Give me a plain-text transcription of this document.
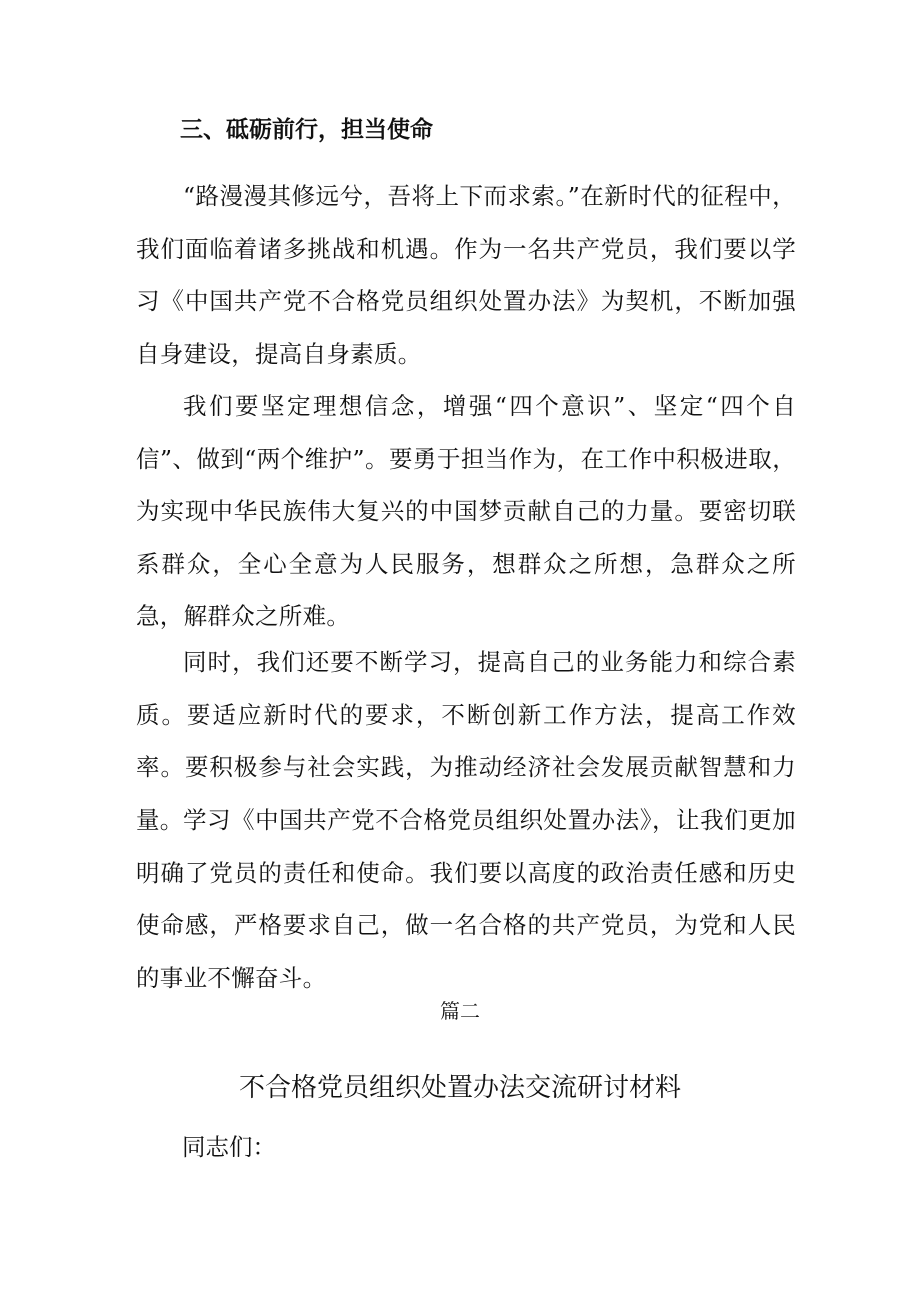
三、砥砺前行，担当使命

“路漫漫其修远兮，吾将上下而求索。”在新时代的征程中，我们面临着诸多挑战和机遇。作为一名共产党员，我们要以学习《中国共产党不合格党员组织处置办法》为契机，不断加强自身建设，提高自身素质。

我们要坚定理想信念，增强“四个意识”、坚定“四个自信”、做到“两个维护”。要勇于担当作为，在工作中积极进取，为实现中华民族伟大复兴的中国梦贡献自己的力量。要密切联系群众，全心全意为人民服务，想群众之所想，急群众之所急，解群众之所难。

同时，我们还要不断学习，提高自己的业务能力和综合素质。要适应新时代的要求，不断创新工作方法，提高工作效率。要积极参与社会实践，为推动经济社会发展贡献智慧和力量。 学习《中国共产党不合格党员组织处置办法》，让我们更加明确了党员的责任和使命。我们要以高度的政治责任感和历史使命感，严格要求自己，做一名合格的共产党员，为党和人民的事业不懈奋斗。

篇二
不合格党员组织处置办法交流研讨材料
同志们：
